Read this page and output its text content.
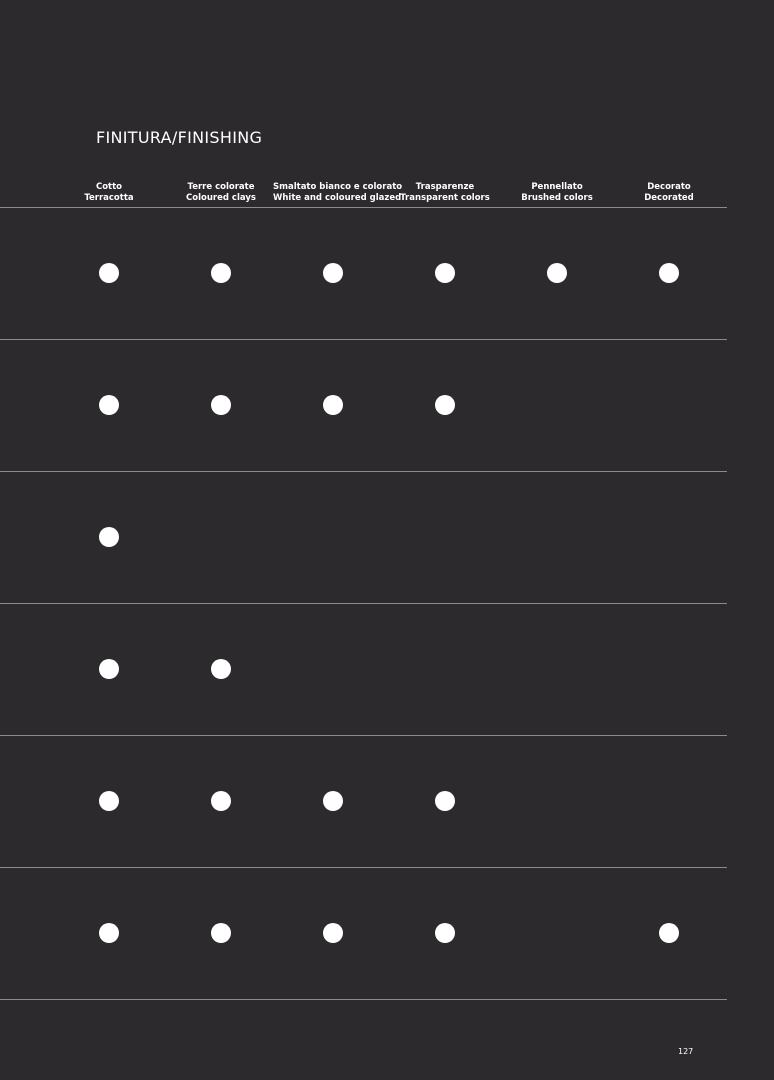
FINITURA/FINISHING
Cotto
Terracotta
Terre colorate
Coloured clays
Smaltato bianco e colorato
White and coloured glazed
Trasparenze
Transparent colors
Pennellato
Brushed colors
Decorato
Decorated
127
